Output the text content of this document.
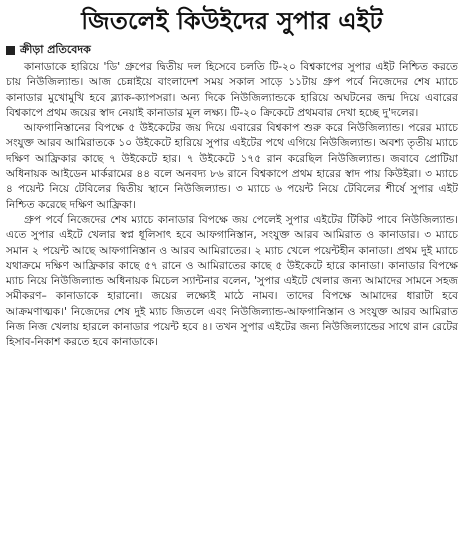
জিতলেই কিউইদের সুপার এইট
ক্রীড়া প্রতিবেদক

কানাডাকে হারিয়ে 'ডি' গ্রুপের দ্বিতীয় দল হিসেবে চলতি টি-২০ বিশ্বকাপের সুপার এইট নিশ্চিত করতে চায় নিউজিল্যান্ড। আজ চেন্নাইয়ে বাংলাদেশ সময় সকাল সাড়ে ১১টায় গ্রুপ পর্বে নিজেদের শেষ ম্যাচে কানাডার মুখোমুখি হবে ব্ল্যাক-ক্যাপসরা। অন্য দিকে নিউজিল্যান্ডকে হারিয়ে অঘটনের জন্ম দিয়ে এবারের বিশ্বকাপে প্রথম জয়ের স্বাদ নেয়াই কানাডার মূল লক্ষ্য। টি-২০ ক্রিকেটে প্রথমবার দেখা হচ্ছে দু'দলের।

আফগানিস্তানের বিপক্ষে ৫ উইকেটের জয় দিয়ে এবারের বিশ্বকাপ শুরু করে নিউজিল্যান্ড। পরের ম্যাচে সংযুক্ত আরব আমিরাতকে ১০ উইকেটে হারিয়ে সুপার এইটের পথে এগিয়ে নিউজিল্যান্ড। অবশ্য তৃতীয় ম্যাচে দক্ষিণ আফ্রিকার কাছে ৭ উইকেটে হার। ৭ উইকেটে ১৭৫ রান করেছিল নিউজিল্যান্ড। জবাবে প্রোটিয়া অধিনায়ক আইডেন মার্করামের ৪৪ বলে অনবদ্য ৮৬ রানে বিশ্বকাপে প্রথম হারের স্বাদ পায় কিউইরা। ৩ ম্যাচে ৪ পয়েন্ট নিয়ে টেবিলের দ্বিতীয় স্থানে নিউজিল্যান্ড। ৩ ম্যাচে ৬ পয়েন্ট নিয়ে টেবিলের শীর্ষে সুপার এইট নিশ্চিত করেছে দক্ষিণ আফ্রিকা।

গ্রুপ পর্বে নিজেদের শেষ ম্যাচে কানাডার বিপক্ষে জয় পেলেই সুপার এইটের টিকিট পাবে নিউজিল্যান্ড। এতে সুপার এইটে খেলার স্বপ্ন ধূলিসাৎ হবে আফগানিস্তান, সংযুক্ত আরব আমিরাত ও কানাডার। ৩ ম্যাচে সমান ২ পয়েন্ট আছে আফগানিস্তান ও আরব আমিরাতের। ২ ম্যাচ খেলে পয়েন্টহীন কানাডা। প্রথম দুই ম্যাচে যথাক্রমে দক্ষিণ আফ্রিকার কাছে ৫৭ রানে ও আমিরাতের কাছে ৫ উইকেটে হারে কানাডা। কানাডার বিপক্ষে ম্যাচ নিয়ে নিউজিল্যান্ড অধিনায়ক মিচেল স্যান্টনার বলেন, 'সুপার এইটে খেলার জন্য আমাদের সামনে সহজ সমীকরণ– কানাডাকে হারানো। জয়ের লক্ষ্যেই মাঠে নামব। তাদের বিপক্ষে আমাদের ধারাটা হবে আক্রমণাত্মক।' নিজেদের শেষ দুই ম্যাচ জিতলে এবং নিউজিল্যান্ড-আফগানিস্তান ও সংযুক্ত আরব আমিরাত নিজ নিজ খেলায় হারলে কানাডার পয়েন্ট হবে ৪। তখন সুপার এইটের জন্য নিউজিল্যান্ডের সাথে রান রেটের হিসাব-নিকাশ করতে হবে কানাডাকে।
